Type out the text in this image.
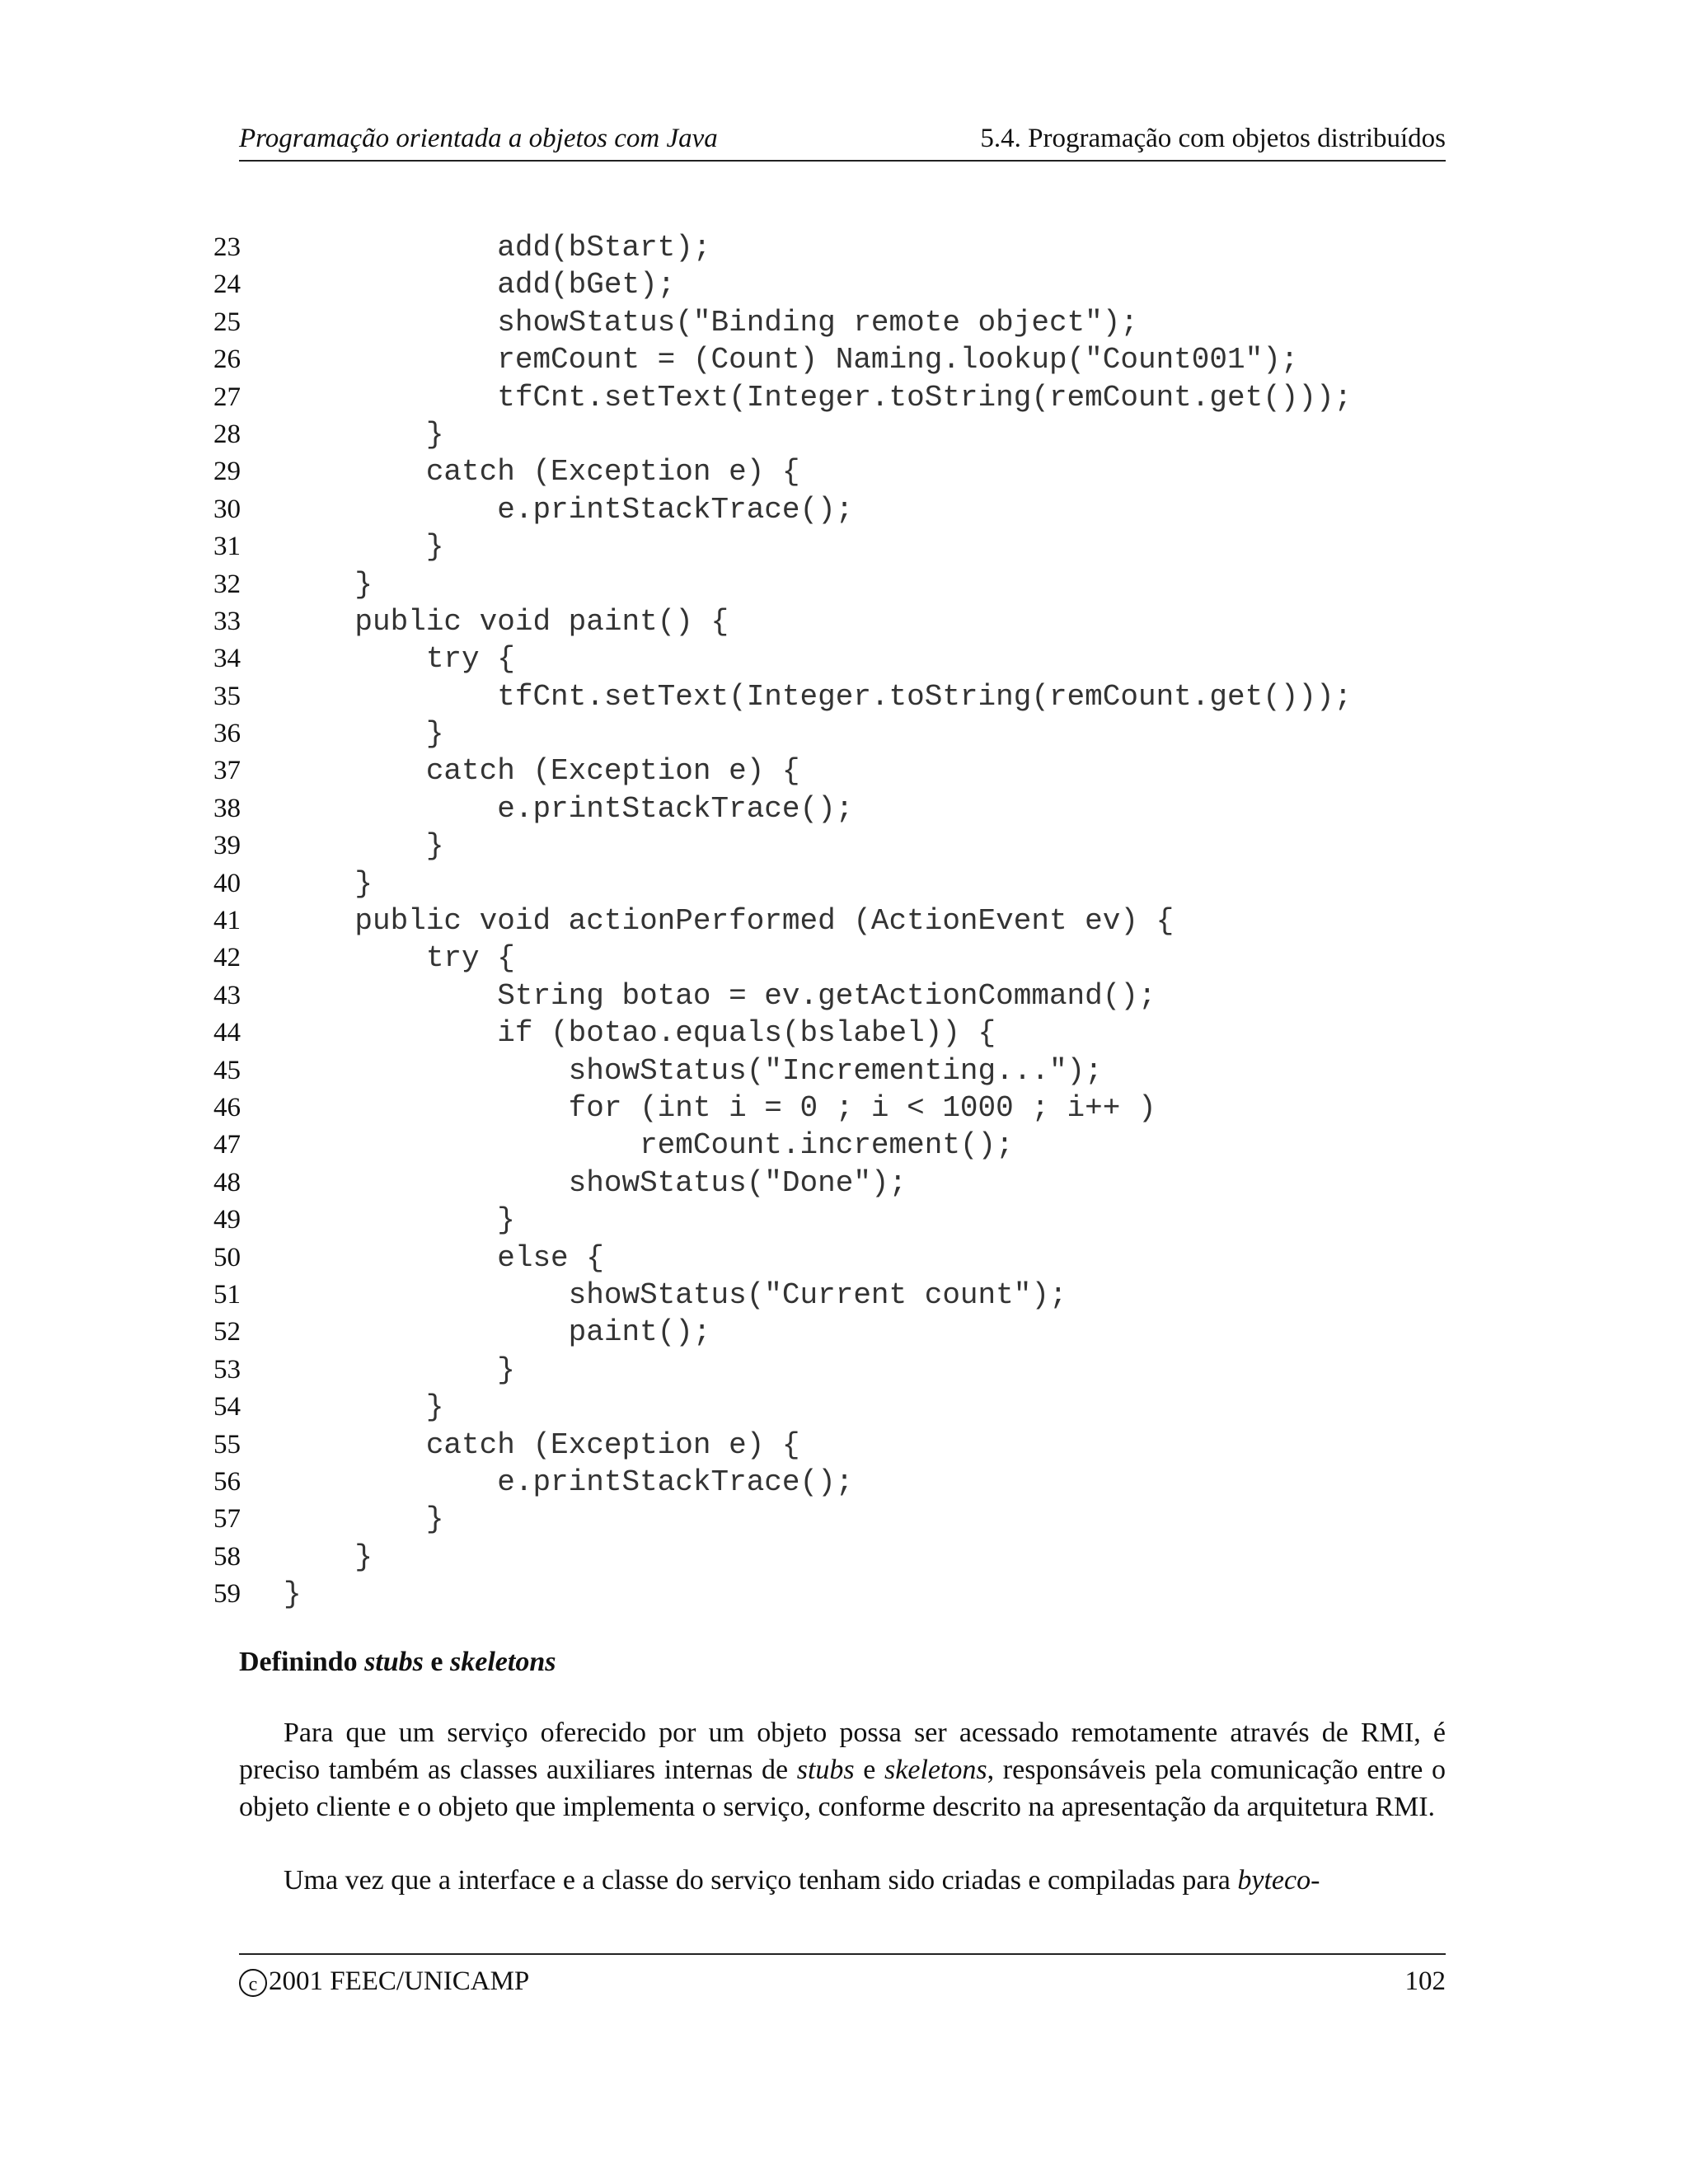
Programação orientada a objetos com Java	5.4. Programação com objetos distribuídos
23 add(bStart);
24 add(bGet);
25 showStatus("Binding remote object");
26 remCount = (Count) Naming.lookup("Count001");
27 tfCnt.setText(Integer.toString(remCount.get()));
28 }
29 catch (Exception e) {
30 e.printStackTrace();
31 }
32 }
33 public void paint() {
34 try {
35 tfCnt.setText(Integer.toString(remCount.get()));
36 }
37 catch (Exception e) {
38 e.printStackTrace();
39 }
40 }
41 public void actionPerformed (ActionEvent ev) {
42 try {
43 String botao = ev.getActionCommand();
44 if (botao.equals(bslabel)) {
45 showStatus("Incrementing...");
46 for (int i = 0 ; i < 1000 ; i++ )
47 remCount.increment();
48 showStatus("Done");
49 }
50 else {
51 showStatus("Current count");
52 paint();
53 }
54 }
55 catch (Exception e) {
56 e.printStackTrace();
57 }
58 }
59 }
Definindo stubs e skeletons
Para que um serviço oferecido por um objeto possa ser acessado remotamente através de RMI, é preciso também as classes auxiliares internas de stubs e skeletons, responsáveis pela comunicação entre o objeto cliente e o objeto que implementa o serviço, conforme descrito na apresentação da arquitetura RMI.
Uma vez que a interface e a classe do serviço tenham sido criadas e compiladas para byteco-
c 2001 FEEC/UNICAMP	102
